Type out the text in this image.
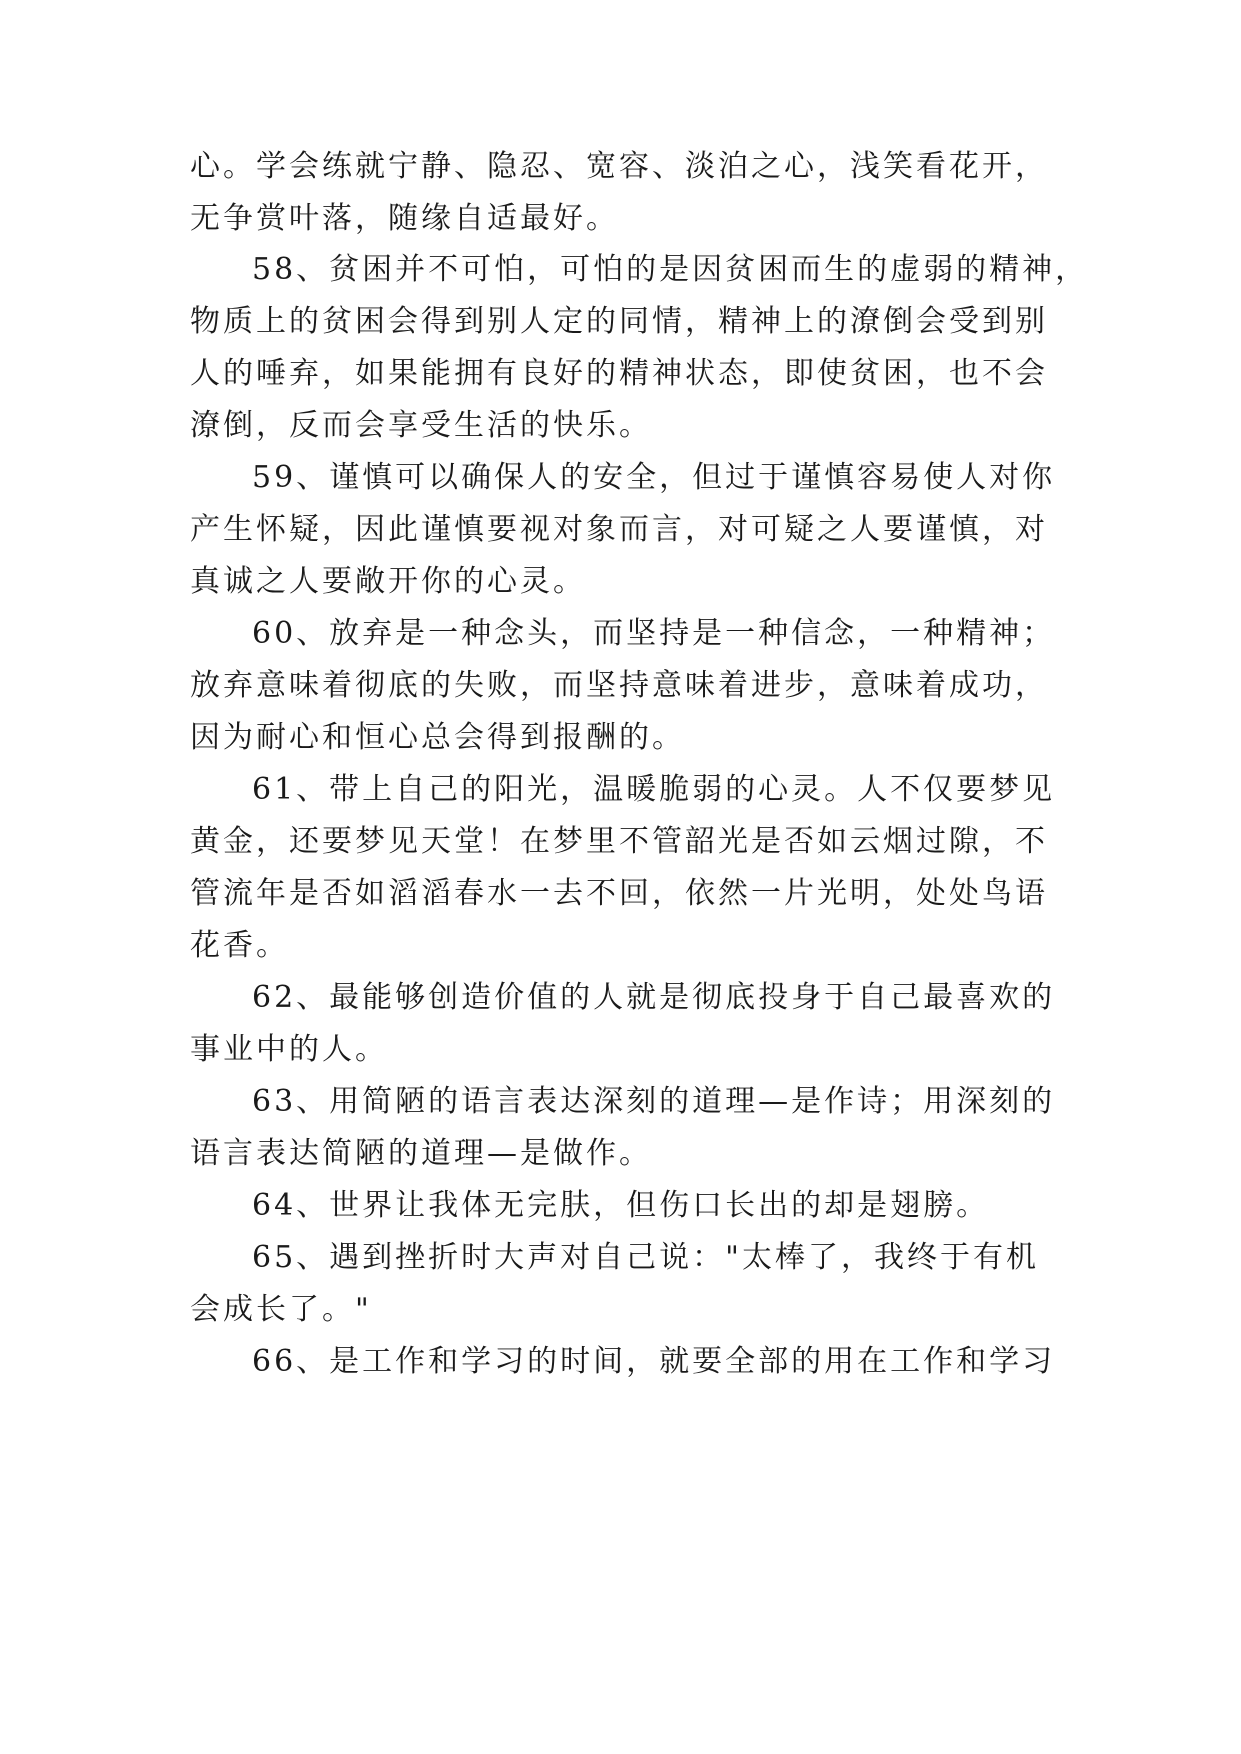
心。学会练就宁静、隐忍、宽容、淡泊之心，浅笑看花开，
无争赏叶落，随缘自适最好。
58、贫困并不可怕，可怕的是因贫困而生的虚弱的精神，
物质上的贫困会得到别人定的同情，精神上的潦倒会受到别
人的唾弃，如果能拥有良好的精神状态，即使贫困，也不会
潦倒，反而会享受生活的快乐。
59、谨慎可以确保人的安全，但过于谨慎容易使人对你
产生怀疑，因此谨慎要视对象而言，对可疑之人要谨慎，对
真诚之人要敞开你的心灵。
60、放弃是一种念头，而坚持是一种信念，一种精神；
放弃意味着彻底的失败，而坚持意味着进步，意味着成功，
因为耐心和恒心总会得到报酬的。
61、带上自己的阳光，温暖脆弱的心灵。人不仅要梦见
黄金，还要梦见天堂！在梦里不管韶光是否如云烟过隙，不
管流年是否如滔滔春水一去不回，依然一片光明，处处鸟语
花香。
62、最能够创造价值的人就是彻底投身于自己最喜欢的
事业中的人。
63、用简陋的语言表达深刻的道理—是作诗；用深刻的
语言表达简陋的道理—是做作。
64、世界让我体无完肤，但伤口长出的却是翅膀。
65、遇到挫折时大声对自己说："太棒了，我终于有机
会成长了。"
66、是工作和学习的时间，就要全部的用在工作和学习
